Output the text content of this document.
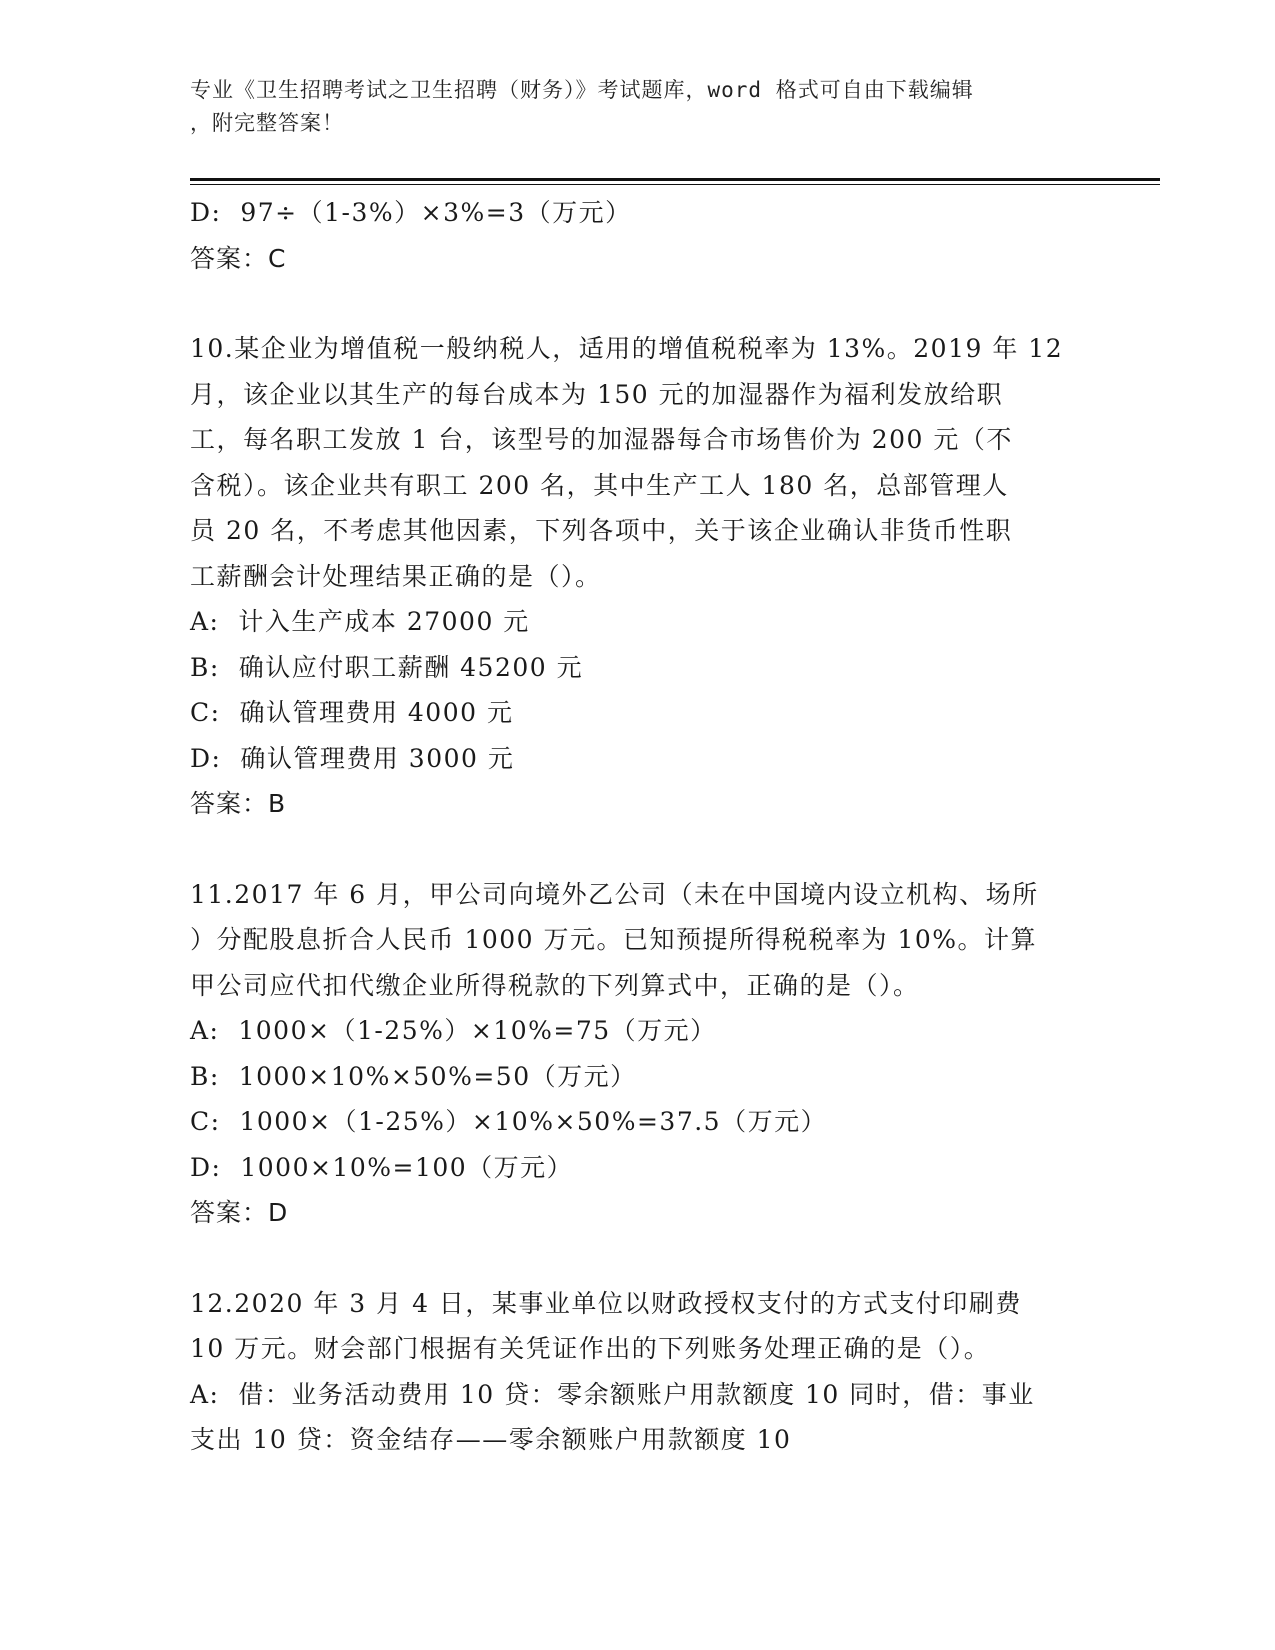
专业《卫生招聘考试之卫生招聘（财务）》考试题库，word 格式可自由下载编辑
，附完整答案！

D:  97÷（1-3%）×3%=3（万元）

答案：C

10.某企业为增值税一般纳税人，适用的增值税税率为 13%。2019 年 12

月，该企业以其生产的每台成本为 150 元的加湿器作为福利发放给职

工，每名职工发放 1 台，该型号的加湿器每合市场售价为 200 元（不

含税）。该企业共有职工 200 名，其中生产工人 180 名，总部管理人

员 20 名，不考虑其他因素，下列各项中，关于该企业确认非货币性职

工薪酬会计处理结果正确的是（）。

A:  计入生产成本 27000 元

B:  确认应付职工薪酬 45200 元

C:  确认管理费用 4000 元

D:  确认管理费用 3000 元

答案：B

11.2017 年 6 月，甲公司向境外乙公司（未在中国境内设立机构、场所

）分配股息折合人民币 1000 万元。已知预提所得税税率为 10%。计算

甲公司应代扣代缴企业所得税款的下列算式中，正确的是（）。

A:  1000×（1-25%）×10%=75（万元）

B:  1000×10%×50%=50（万元）

C:  1000×（1-25%）×10%×50%=37.5（万元）

D:  1000×10%=100（万元）

答案：D

12.2020 年 3 月 4 日，某事业单位以财政授权支付的方式支付印刷费

10 万元。财会部门根据有关凭证作出的下列账务处理正确的是（）。

A:  借：业务活动费用 10 贷：零余额账户用款额度 10 同时，借：事业

支出 10 贷：资金结存——零余额账户用款额度 10
